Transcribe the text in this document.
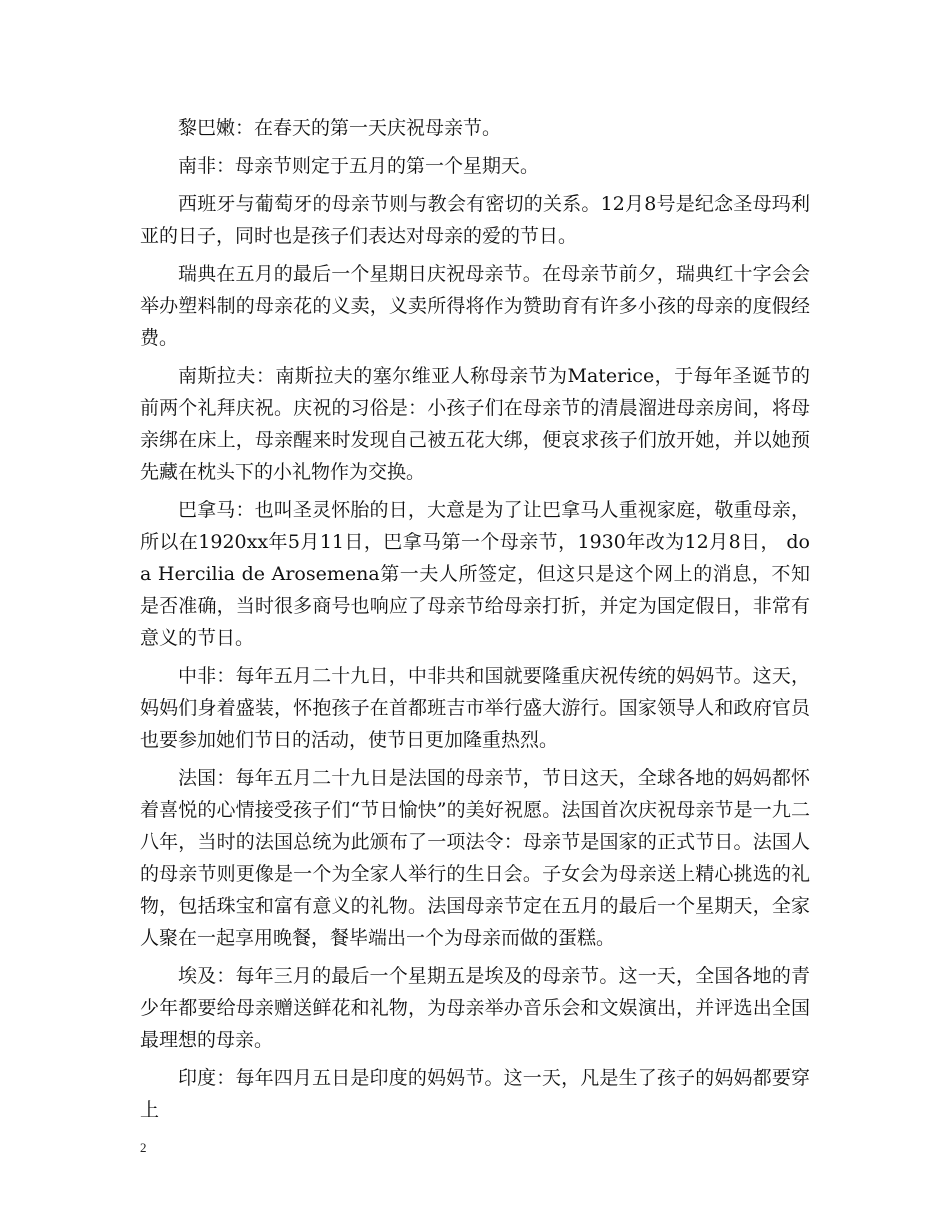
黎巴嫩：在春天的第一天庆祝母亲节。

南非：母亲节则定于五月的第一个星期天。

西班牙与葡萄牙的母亲节则与教会有密切的关系。12月8号是纪念圣母玛利亚的日子，同时也是孩子们表达对母亲的爱的节日。

瑞典在五月的最后一个星期日庆祝母亲节。在母亲节前夕，瑞典红十字会会举办塑料制的母亲花的义卖，义卖所得将作为赞助育有许多小孩的母亲的度假经费。

南斯拉夫：南斯拉夫的塞尔维亚人称母亲节为Materice，于每年圣诞节的前两个礼拜庆祝。庆祝的习俗是：小孩子们在母亲节的清晨溜进母亲房间，将母亲绑在床上，母亲醒来时发现自己被五花大绑，便哀求孩子们放开她，并以她预先藏在枕头下的小礼物作为交换。

巴拿马：也叫圣灵怀胎的日，大意是为了让巴拿马人重视家庭，敬重母亲，所以在1920xx年5月11日，巴拿马第一个母亲节，1930年改为12月8日， do a Hercilia de Arosemena第一夫人所签定，但这只是这个网上的消息，不知是否准确，当时很多商号也响应了母亲节给母亲打折，并定为国定假日，非常有意义的节日。

中非：每年五月二十九日，中非共和国就要隆重庆祝传统的妈妈节。这天，妈妈们身着盛装，怀抱孩子在首都班吉市举行盛大游行。国家领导人和政府官员也要参加她们节日的活动，使节日更加隆重热烈。

法国：每年五月二十九日是法国的母亲节，节日这天，全球各地的妈妈都怀着喜悦的心情接受孩子们“节日愉快”的美好祝愿。法国首次庆祝母亲节是一九二八年，当时的法国总统为此颁布了一项法令：母亲节是国家的正式节日。法国人的母亲节则更像是一个为全家人举行的生日会。子女会为母亲送上精心挑选的礼物，包括珠宝和富有意义的礼物。法国母亲节定在五月的最后一个星期天，全家人聚在一起享用晚餐，餐毕端出一个为母亲而做的蛋糕。

埃及：每年三月的最后一个星期五是埃及的母亲节。这一天，全国各地的青少年都要给母亲赠送鲜花和礼物，为母亲举办音乐会和文娱演出，并评选出全国最理想的母亲。

印度：每年四月五日是印度的妈妈节。这一天，凡是生了孩子的妈妈都要穿上

2
